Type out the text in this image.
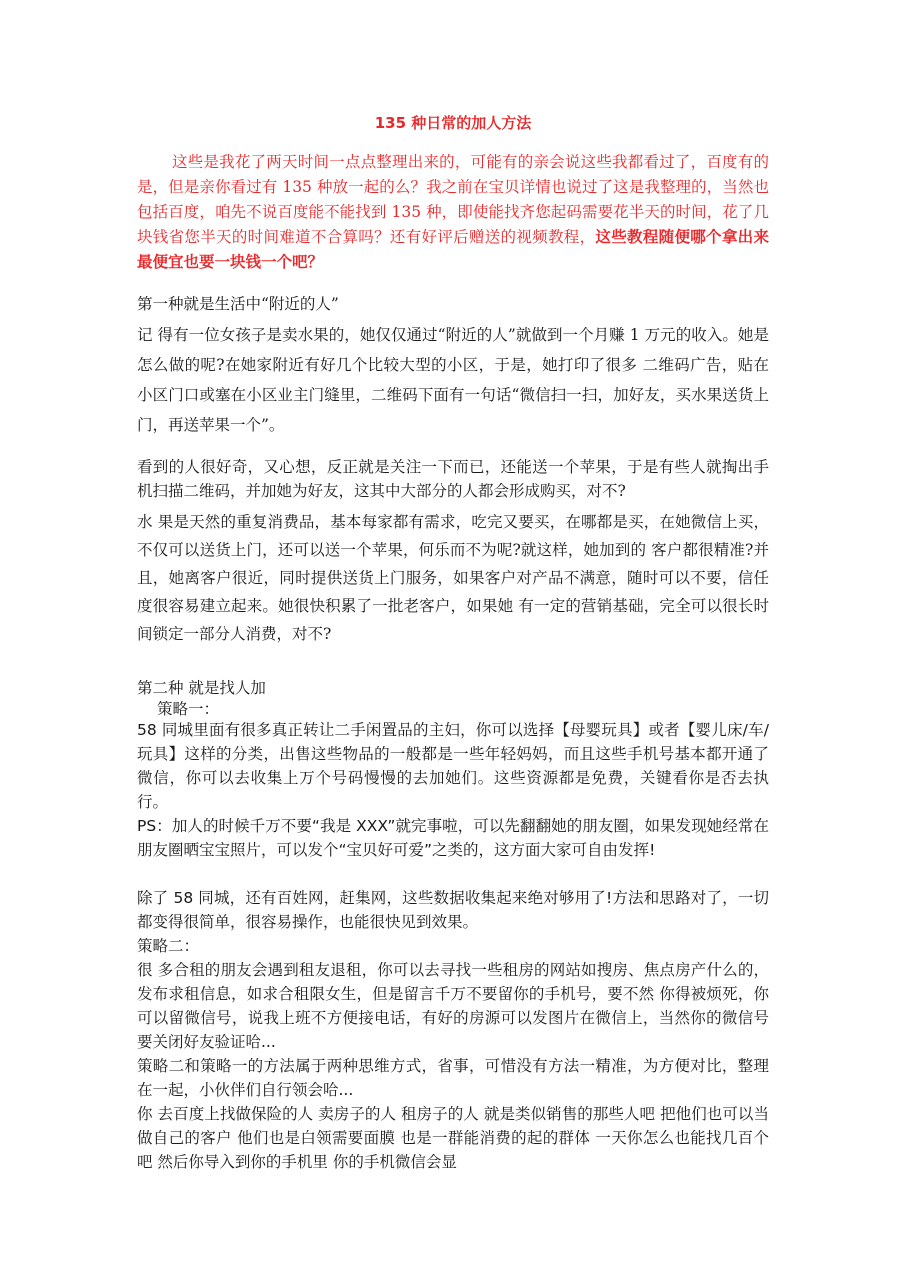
135 种日常的加人方法
这些是我花了两天时间一点点整理出来的，可能有的亲会说这些我都看过了，百度有的是，但是亲你看过有 135 种放一起的么？我之前在宝贝详情也说过了这是我整理的，当然也包括百度，咱先不说百度能不能找到 135 种，即使能找齐您起码需要花半天的时间，花了几块钱省您半天的时间难道不合算吗？还有好评后赠送的视频教程，这些教程随便哪个拿出来最便宜也要一块钱一个吧？
第一种就是生活中“附近的人”
记 得有一位女孩子是卖水果的，她仅仅通过“附近的人”就做到一个月赚 1 万元的收入。她是怎么做的呢?在她家附近有好几个比较大型的小区，于是，她打印了很多 二维码广告，贴在小区门口或塞在小区业主门缝里，二维码下面有一句话“微信扫一扫，加好友，买水果送货上门，再送苹果一个”。
看到的人很好奇，又心想，反正就是关注一下而已，还能送一个苹果，于是有些人就掏出手机扫描二维码，并加她为好友，这其中大部分的人都会形成购买，对不?
水 果是天然的重复消费品，基本每家都有需求，吃完又要买，在哪都是买，在她微信上买，不仅可以送货上门，还可以送一个苹果，何乐而不为呢?就这样，她加到的 客户都很精准?并且，她离客户很近，同时提供送货上门服务，如果客户对产品不满意，随时可以不要，信任度很容易建立起来。她很快积累了一批老客户，如果她 有一定的营销基础，完全可以很长时间锁定一部分人消费，对不?
第二种 就是找人加
策略一：
58 同城里面有很多真正转让二手闲置品的主妇，你可以选择【母婴玩具】或者【婴儿床/车/玩具】这样的分类，出售这些物品的一般都是一些年轻妈妈，而且这些手机号基本都开通了微信，你可以去收集上万个号码慢慢的去加她们。这些资源都是免费，关键看你是否去执行。
PS：加人的时候千万不要“我是 XXX”就完事啦，可以先翻翻她的朋友圈，如果发现她经常在朋友圈晒宝宝照片，可以发个“宝贝好可爱”之类的，这方面大家可自由发挥!
除了 58 同城，还有百姓网，赶集网，这些数据收集起来绝对够用了!方法和思路对了，一切都变得很简单，很容易操作，也能很快见到效果。
策略二：
很 多合租的朋友会遇到租友退租，你可以去寻找一些租房的网站如搜房、焦点房产什么的，发布求租信息，如求合租限女生，但是留言千万不要留你的手机号，要不然 你得被烦死，你可以留微信号，说我上班不方便接电话，有好的房源可以发图片在微信上，当然你的微信号要关闭好友验证哈...
策略二和策略一的方法属于两种思维方式，省事，可惜没有方法一精准，为方便对比，整理在一起，小伙伴们自行领会哈...
你 去百度上找做保险的人 卖房子的人 租房子的人 就是类似销售的那些人吧 把他们也可以当做自己的客户 他们也是白领需要面膜 也是一群能消费的起的群体 一天你怎么也能找几百个吧 然后你导入到你的手机里 你的手机微信会显
